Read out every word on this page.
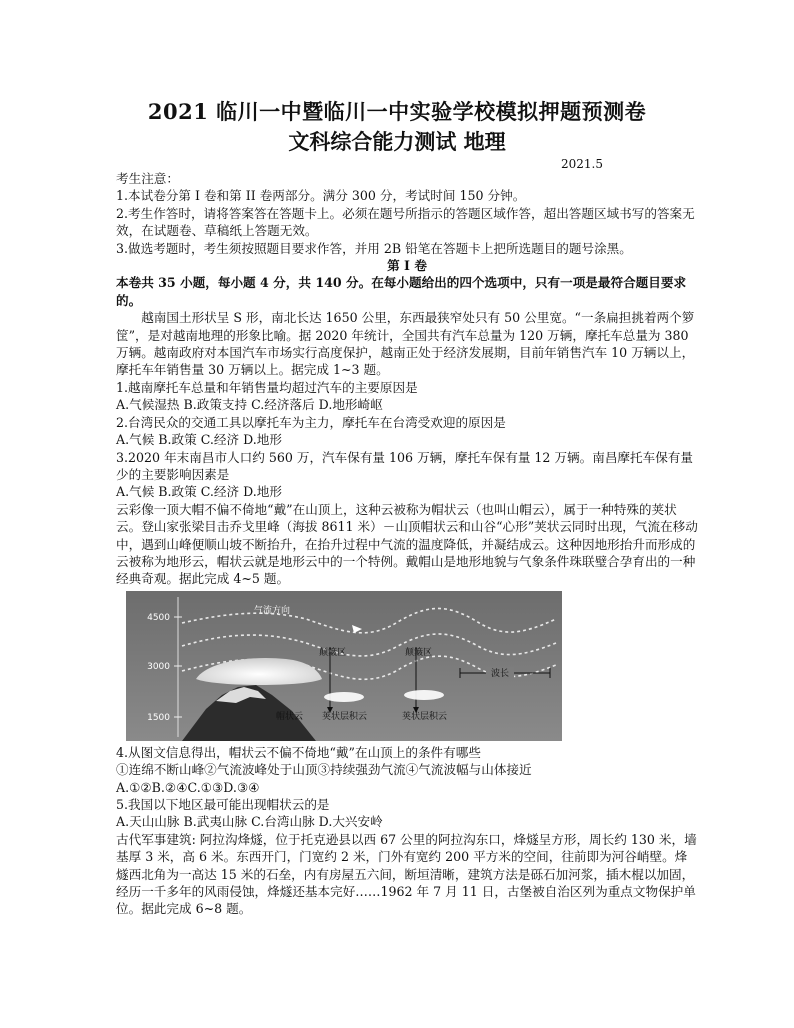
2021 临川一中暨临川一中实验学校模拟押题预测卷
文科综合能力测试 地理
2021.5

考生注意：

1.本试卷分第 I 卷和第 II 卷两部分。满分 300 分，考试时间 150 分钟。

2.考生作答时，请将答案答在答题卡上。必须在题号所指示的答题区域作答，超出答题区域书写的答案无效，在试题卷、草稿纸上答题无效。

3.做选考题时，考生须按照题目要求作答，并用 2B 铅笔在答题卡上把所选题目的题号涂黑。

第 I 卷

本卷共 35 小题，每小题 4 分，共 140 分。在每小题给出的四个选项中，只有一项是最符合题目要求的。

越南国土形状呈 S 形，南北长达 1650 公里，东西最狭窄处只有 50 公里宽。“一条扁担挑着两个箩筐”，是对越南地理的形象比喻。据 2020 年统计，全国共有汽车总量为 120 万辆，摩托车总量为 380 万辆。越南政府对本国汽车市场实行高度保护，越南正处于经济发展期，目前年销售汽车 10 万辆以上，摩托车年销售量 30 万辆以上。据完成 1~3 题。

1.越南摩托车总量和年销售量均超过汽车的主要原因是

A.气候湿热 B.政策支持 C.经济落后 D.地形崎岖

2.台湾民众的交通工具以摩托车为主力，摩托车在台湾受欢迎的原因是

A.气候 B.政策 C.经济 D.地形

3.2020 年末南昌市人口约 560 万，汽车保有量 106 万辆，摩托车保有量 12 万辆。南昌摩托车保有量少的主要影响因素是

A.气候 B.政策 C.经济 D.地形

云彩像一顶大帽不偏不倚地“戴”在山顶上，这种云被称为帽状云（也叫山帽云），属于一种特殊的荚状云。登山家张梁目击乔戈里峰（海拔 8611 米）－山顶帽状云和山谷“心形”荚状云同时出现，气流在移动中，遇到山峰便顺山坡不断抬升，在抬升过程中气流的温度降低，并凝结成云。这种因地形抬升而形成的云被称为地形云，帽状云就是地形云中的一个特例。戴帽山是地形地貌与气象条件珠联璧合孕育出的一种经典奇观。据此完成 4~5 题。

4500
3000
1500
气流方向
颠簸区	颠簸区
波长
帽状云 荚状层积云	荚状层积云

4.从图文信息得出，帽状云不偏不倚地“戴”在山顶上的条件有哪些

①连绵不断山峰②气流波峰处于山顶③持续强劲气流④气流波幅与山体接近

A.①②B.②④C.①③D.③④

5.我国以下地区最可能出现帽状云的是

A.天山山脉 B.武夷山脉 C.台湾山脉 D.大兴安岭

古代军事建筑: 阿拉沟烽燧，位于托克逊县以西 67 公里的阿拉沟东口，烽燧呈方形，周长约 130 米，墙基厚 3 米，高 6 米。东西开门，门宽约 2 米，门外有宽约 200 平方米的空间，往前即为河谷峭壁。烽燧西北角为一高达 15 米的石垒，内有房屋五六间，断垣清晰，建筑方法是砾石加河浆，插木棍以加固，经历一千多年的风雨侵蚀，烽燧还基本完好……1962 年 7 月 11 日，古堡被自治区列为重点文物保护单位。据此完成 6~8 题。
